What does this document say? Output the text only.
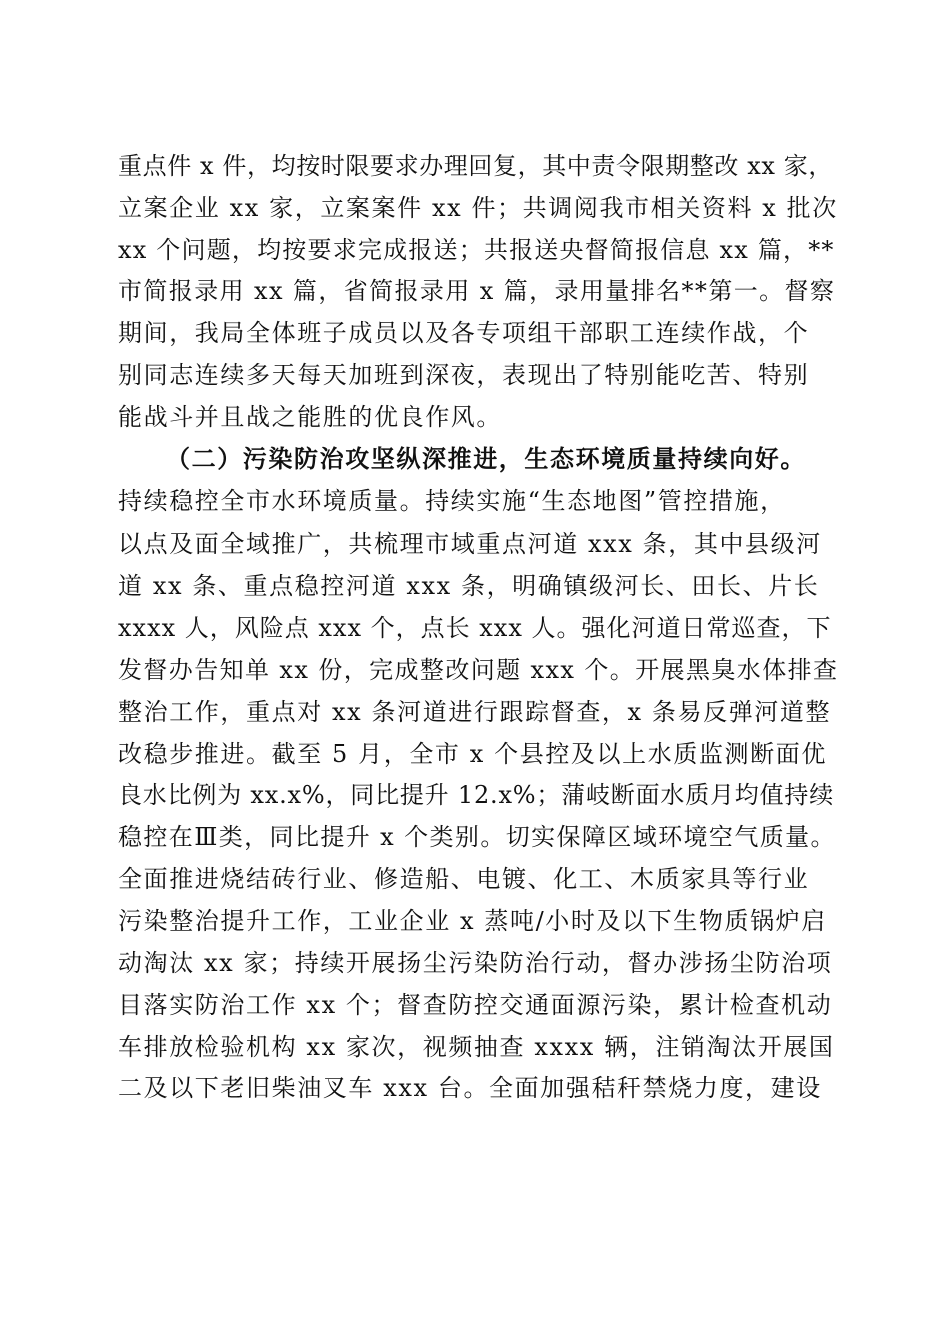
重点件 x 件，均按时限要求办理回复，其中责令限期整改 xx 家，
立案企业 xx 家，立案案件 xx 件；共调阅我市相关资料 x 批次
xx 个问题，均按要求完成报送；共报送央督简报信息 xx 篇，**
市简报录用 xx 篇，省简报录用 x 篇，录用量排名**第一。督察
期间，我局全体班子成员以及各专项组干部职工连续作战，个
别同志连续多天每天加班到深夜，表现出了特别能吃苦、特别
能战斗并且战之能胜的优良作风。
（二）污染防治攻坚纵深推进，生态环境质量持续向好。
持续稳控全市水环境质量。持续实施“生态地图”管控措施，
以点及面全域推广，共梳理市域重点河道 xxx 条，其中县级河
道 xx 条、重点稳控河道 xxx 条，明确镇级河长、田长、片长
xxxx 人，风险点 xxx 个，点长 xxx 人。强化河道日常巡查，下
发督办告知单 xx 份，完成整改问题 xxx 个。开展黑臭水体排查
整治工作，重点对 xx 条河道进行跟踪督查，x 条易反弹河道整
改稳步推进。截至 5 月，全市 x 个县控及以上水质监测断面优
良水比例为 xx.x%，同比提升 12.x%；蒲岐断面水质月均值持续
稳控在Ⅲ类，同比提升 x 个类别。切实保障区域环境空气质量。
全面推进烧结砖行业、修造船、电镀、化工、木质家具等行业
污染整治提升工作，工业企业 x 蒸吨/小时及以下生物质锅炉启
动淘汰 xx 家；持续开展扬尘污染防治行动，督办涉扬尘防治项
目落实防治工作 xx 个；督查防控交通面源污染，累计检查机动
车排放检验机构 xx 家次，视频抽查 xxxx 辆，注销淘汰开展国
二及以下老旧柴油叉车 xxx 台。全面加强秸秆禁烧力度，建设
